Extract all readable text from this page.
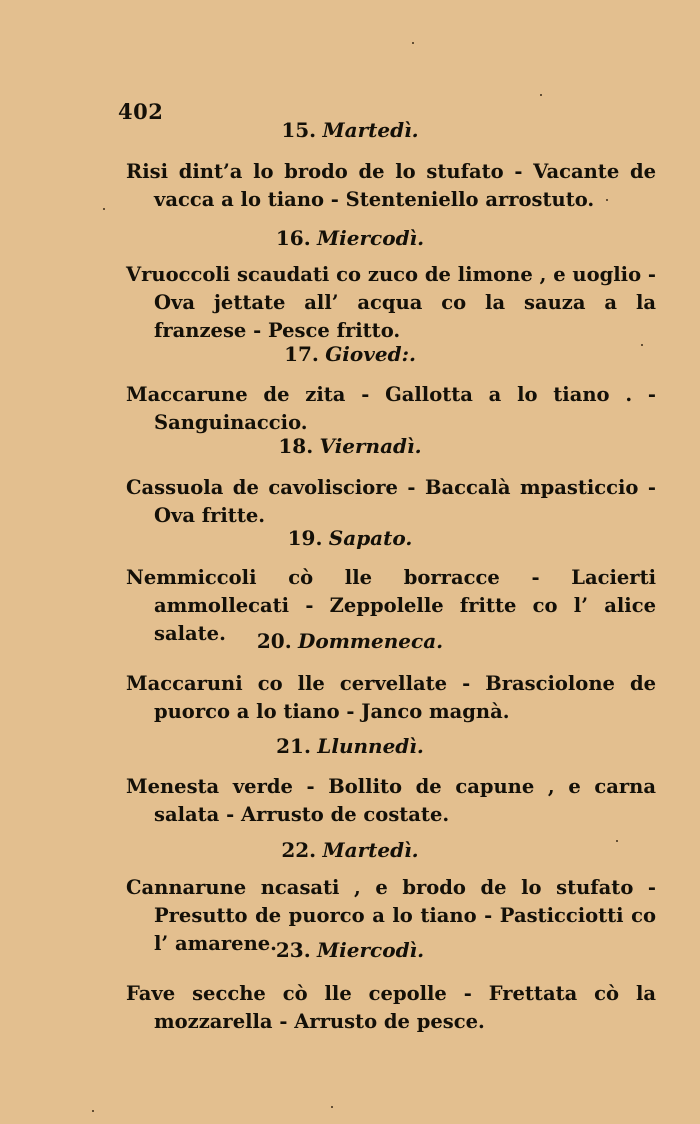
402
15. Martedì.
Risi dint’a lo brodo de lo stufato - Vacante de vacca a lo tiano - Stenteniello arrostuto.
16. Miercodì.
Vruoccoli scaudati co zuco de limone , e uoglio - Ova jettate all’ acqua co la sauza a la franzese - Pesce fritto.
17. Gioved:.
Maccarune de zita - Gallotta a lo tiano . - Sanguinaccio.
18. Viernadì.
Cassuola de cavolisciore - Baccalà mpasticcio - Ova fritte.
19. Sapato.
Nemmiccoli cò lle borracce - Lacierti ammollecati - Zeppolelle fritte co l’ alice salate.	20. Dommeneca.
Maccaruni co lle cervellate - Brasciolone de puorco a lo tiano - Janco magnà.
21. Llunnedì.
Menesta verde - Bollito de capune , e carna salata - Arrusto de costate.
22. Martedì.
Cannarune ncasati , e brodo de lo stufato - Presutto de puorco a lo tiano - Pasticciotti co l’ amarene.
23. Miercodì.
Fave secche cò lle cepolle - Frettata cò la mozzarella - Arrusto de pesce.
